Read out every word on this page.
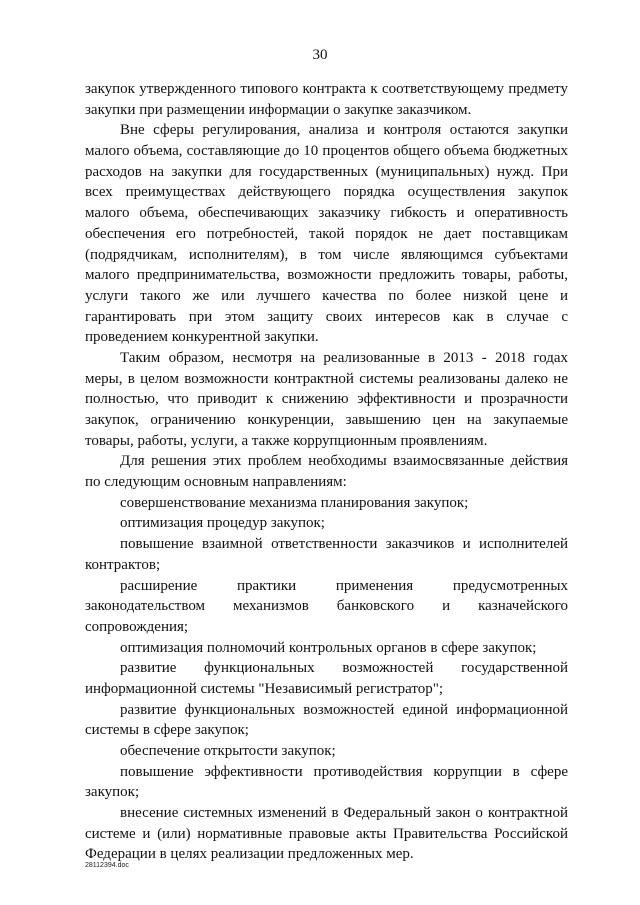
30
закупок утвержденного типового контракта к соответствующему предмету
закупки при размещении информации о закупке заказчиком.
Вне сферы регулирования, анализа и контроля остаются закупки
малого объема, составляющие до 10 процентов общего объема бюджетных
расходов на закупки для государственных (муниципальных) нужд. При
всех преимуществах действующего порядка осуществления закупок
малого объема, обеспечивающих заказчику гибкость и оперативность
обеспечения его потребностей, такой порядок не дает поставщикам
(подрядчикам, исполнителям), в том числе являющимся субъектами
малого предпринимательства, возможности предложить товары, работы,
услуги такого же или лучшего качества по более низкой цене и
гарантировать при этом защиту своих интересов как в случае с
проведением конкурентной закупки.
Таким образом, несмотря на реализованные в 2013 - 2018 годах
меры, в целом возможности контрактной системы реализованы далеко не
полностью, что приводит к снижению эффективности и прозрачности
закупок, ограничению конкуренции, завышению цен на закупаемые
товары, работы, услуги, а также коррупционным проявлениям.
Для решения этих проблем необходимы взаимосвязанные действия
по следующим основным направлениям:
совершенствование механизма планирования закупок;
оптимизация процедур закупок;
повышение взаимной ответственности заказчиков и исполнителей
контрактов;
расширение практики применения предусмотренных
законодательством механизмов банковского и казначейского
сопровождения;
оптимизация полномочий контрольных органов в сфере закупок;
развитие функциональных возможностей государственной
информационной системы "Независимый регистратор";
развитие функциональных возможностей единой информационной
системы в сфере закупок;
обеспечение открытости закупок;
повышение эффективности противодействия коррупции в сфере
закупок;
внесение системных изменений в Федеральный закон о контрактной
системе и (или) нормативные правовые акты Правительства Российской
Федерации в целях реализации предложенных мер.
28112394.doc
